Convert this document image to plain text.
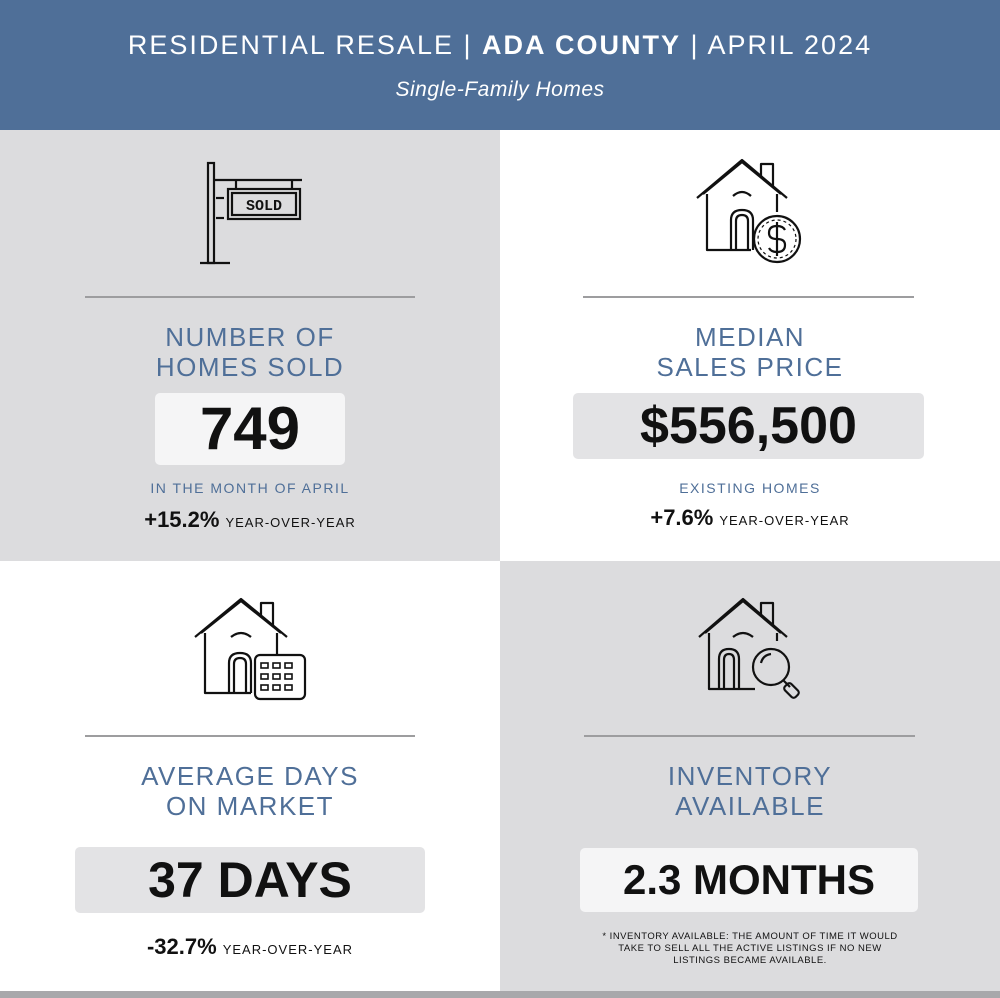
RESIDENTIAL RESALE | ADA COUNTY | APRIL 2024
Single-Family Homes
SOLD
NUMBER OF
HOMES SOLD
749
IN THE MONTH OF APRIL
+15.2% YEAR-OVER-YEAR
MEDIAN
SALES PRICE
$556,500
EXISTING HOMES
+7.6% YEAR-OVER-YEAR
AVERAGE DAYS
ON MARKET
37 DAYS
-32.7% YEAR-OVER-YEAR
INVENTORY
AVAILABLE
2.3 MONTHS
* INVENTORY AVAILABLE: THE AMOUNT OF TIME IT WOULD
TAKE TO SELL ALL THE ACTIVE LISTINGS IF NO NEW
LISTINGS BECAME AVAILABLE.
